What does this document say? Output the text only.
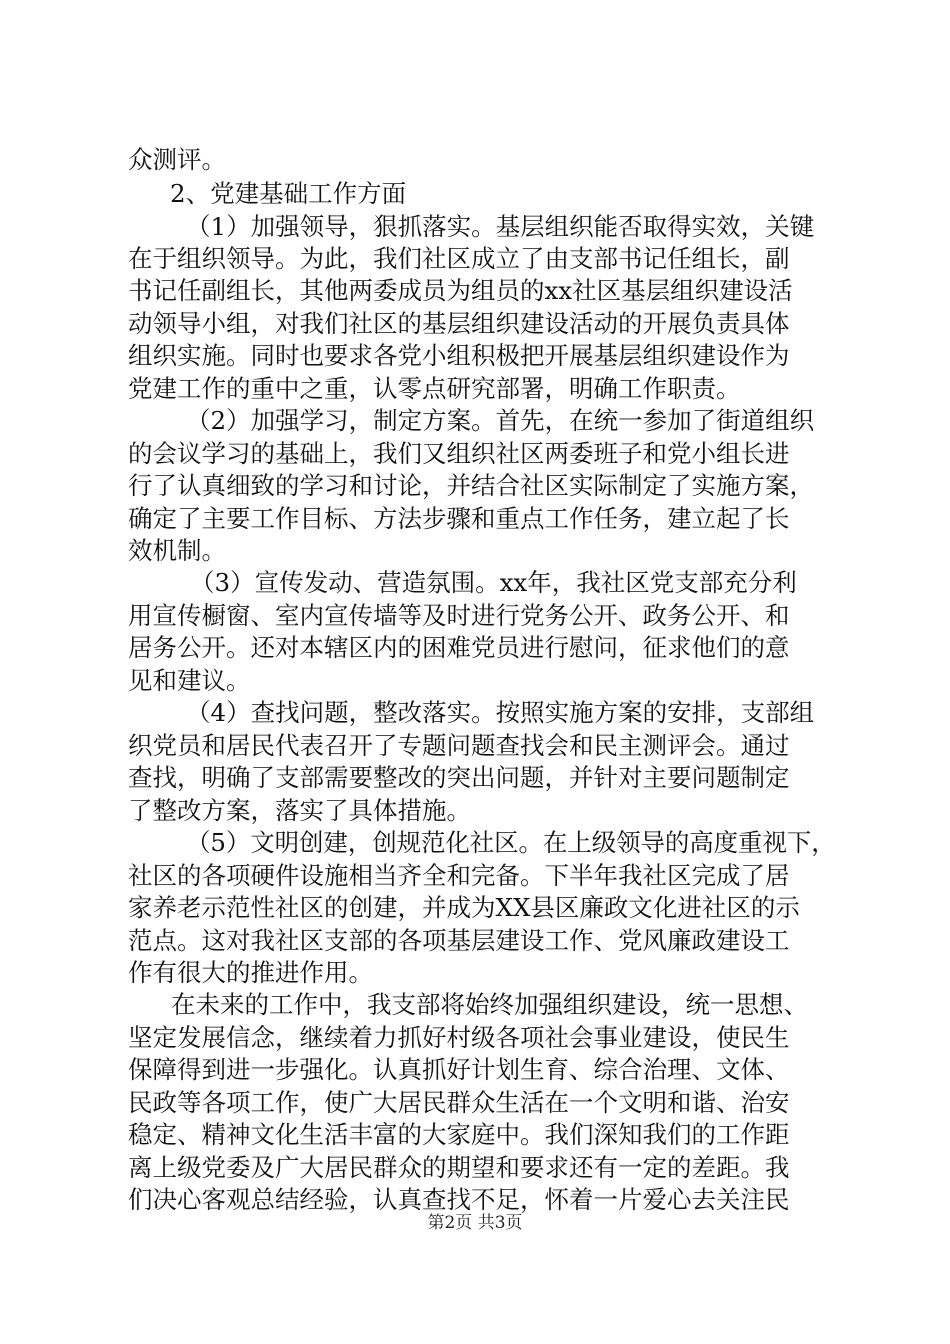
众测评。

2、党建基础工作方面

（1）加强领导，狠抓落实。基层组织能否取得实效，关键

在于组织领导。为此，我们社区成立了由支部书记任组长，副

书记任副组长，其他两委成员为组员的xx社区基层组织建设活

动领导小组，对我们社区的基层组织建设活动的开展负责具体

组织实施。同时也要求各党小组积极把开展基层组织建设作为

党建工作的重中之重，认零点研究部署，明确工作职责。

（2）加强学习，制定方案。首先，在统一参加了街道组织

的会议学习的基础上，我们又组织社区两委班子和党小组长进

行了认真细致的学习和讨论，并结合社区实际制定了实施方案，

确定了主要工作目标、方法步骤和重点工作任务，建立起了长

效机制。

（3）宣传发动、营造氛围。xx年，我社区党支部充分利

用宣传橱窗、室内宣传墙等及时进行党务公开、政务公开、和

居务公开。还对本辖区内的困难党员进行慰问，征求他们的意

见和建议。

（4）查找问题，整改落实。按照实施方案的安排，支部组

织党员和居民代表召开了专题问题查找会和民主测评会。通过

查找，明确了支部需要整改的突出问题，并针对主要问题制定

了整改方案，落实了具体措施。

（5）文明创建，创规范化社区。在上级领导的高度重视下，

社区的各项硬件设施相当齐全和完备。下半年我社区完成了居

家养老示范性社区的创建，并成为XX县区廉政文化进社区的示

范点。这对我社区支部的各项基层建设工作、党风廉政建设工

作有很大的推进作用。

在未来的工作中，我支部将始终加强组织建设，统一思想、

坚定发展信念，继续着力抓好村级各项社会事业建设，使民生

保障得到进一步强化。认真抓好计划生育、综合治理、文体、

民政等各项工作，使广大居民群众生活在一个文明和谐、治安

稳定、精神文化生活丰富的大家庭中。我们深知我们的工作距

离上级党委及广大居民群众的期望和要求还有一定的差距。我

们决心客观总结经验，认真查找不足，怀着一片爱心去关注民

第2页 共3页
